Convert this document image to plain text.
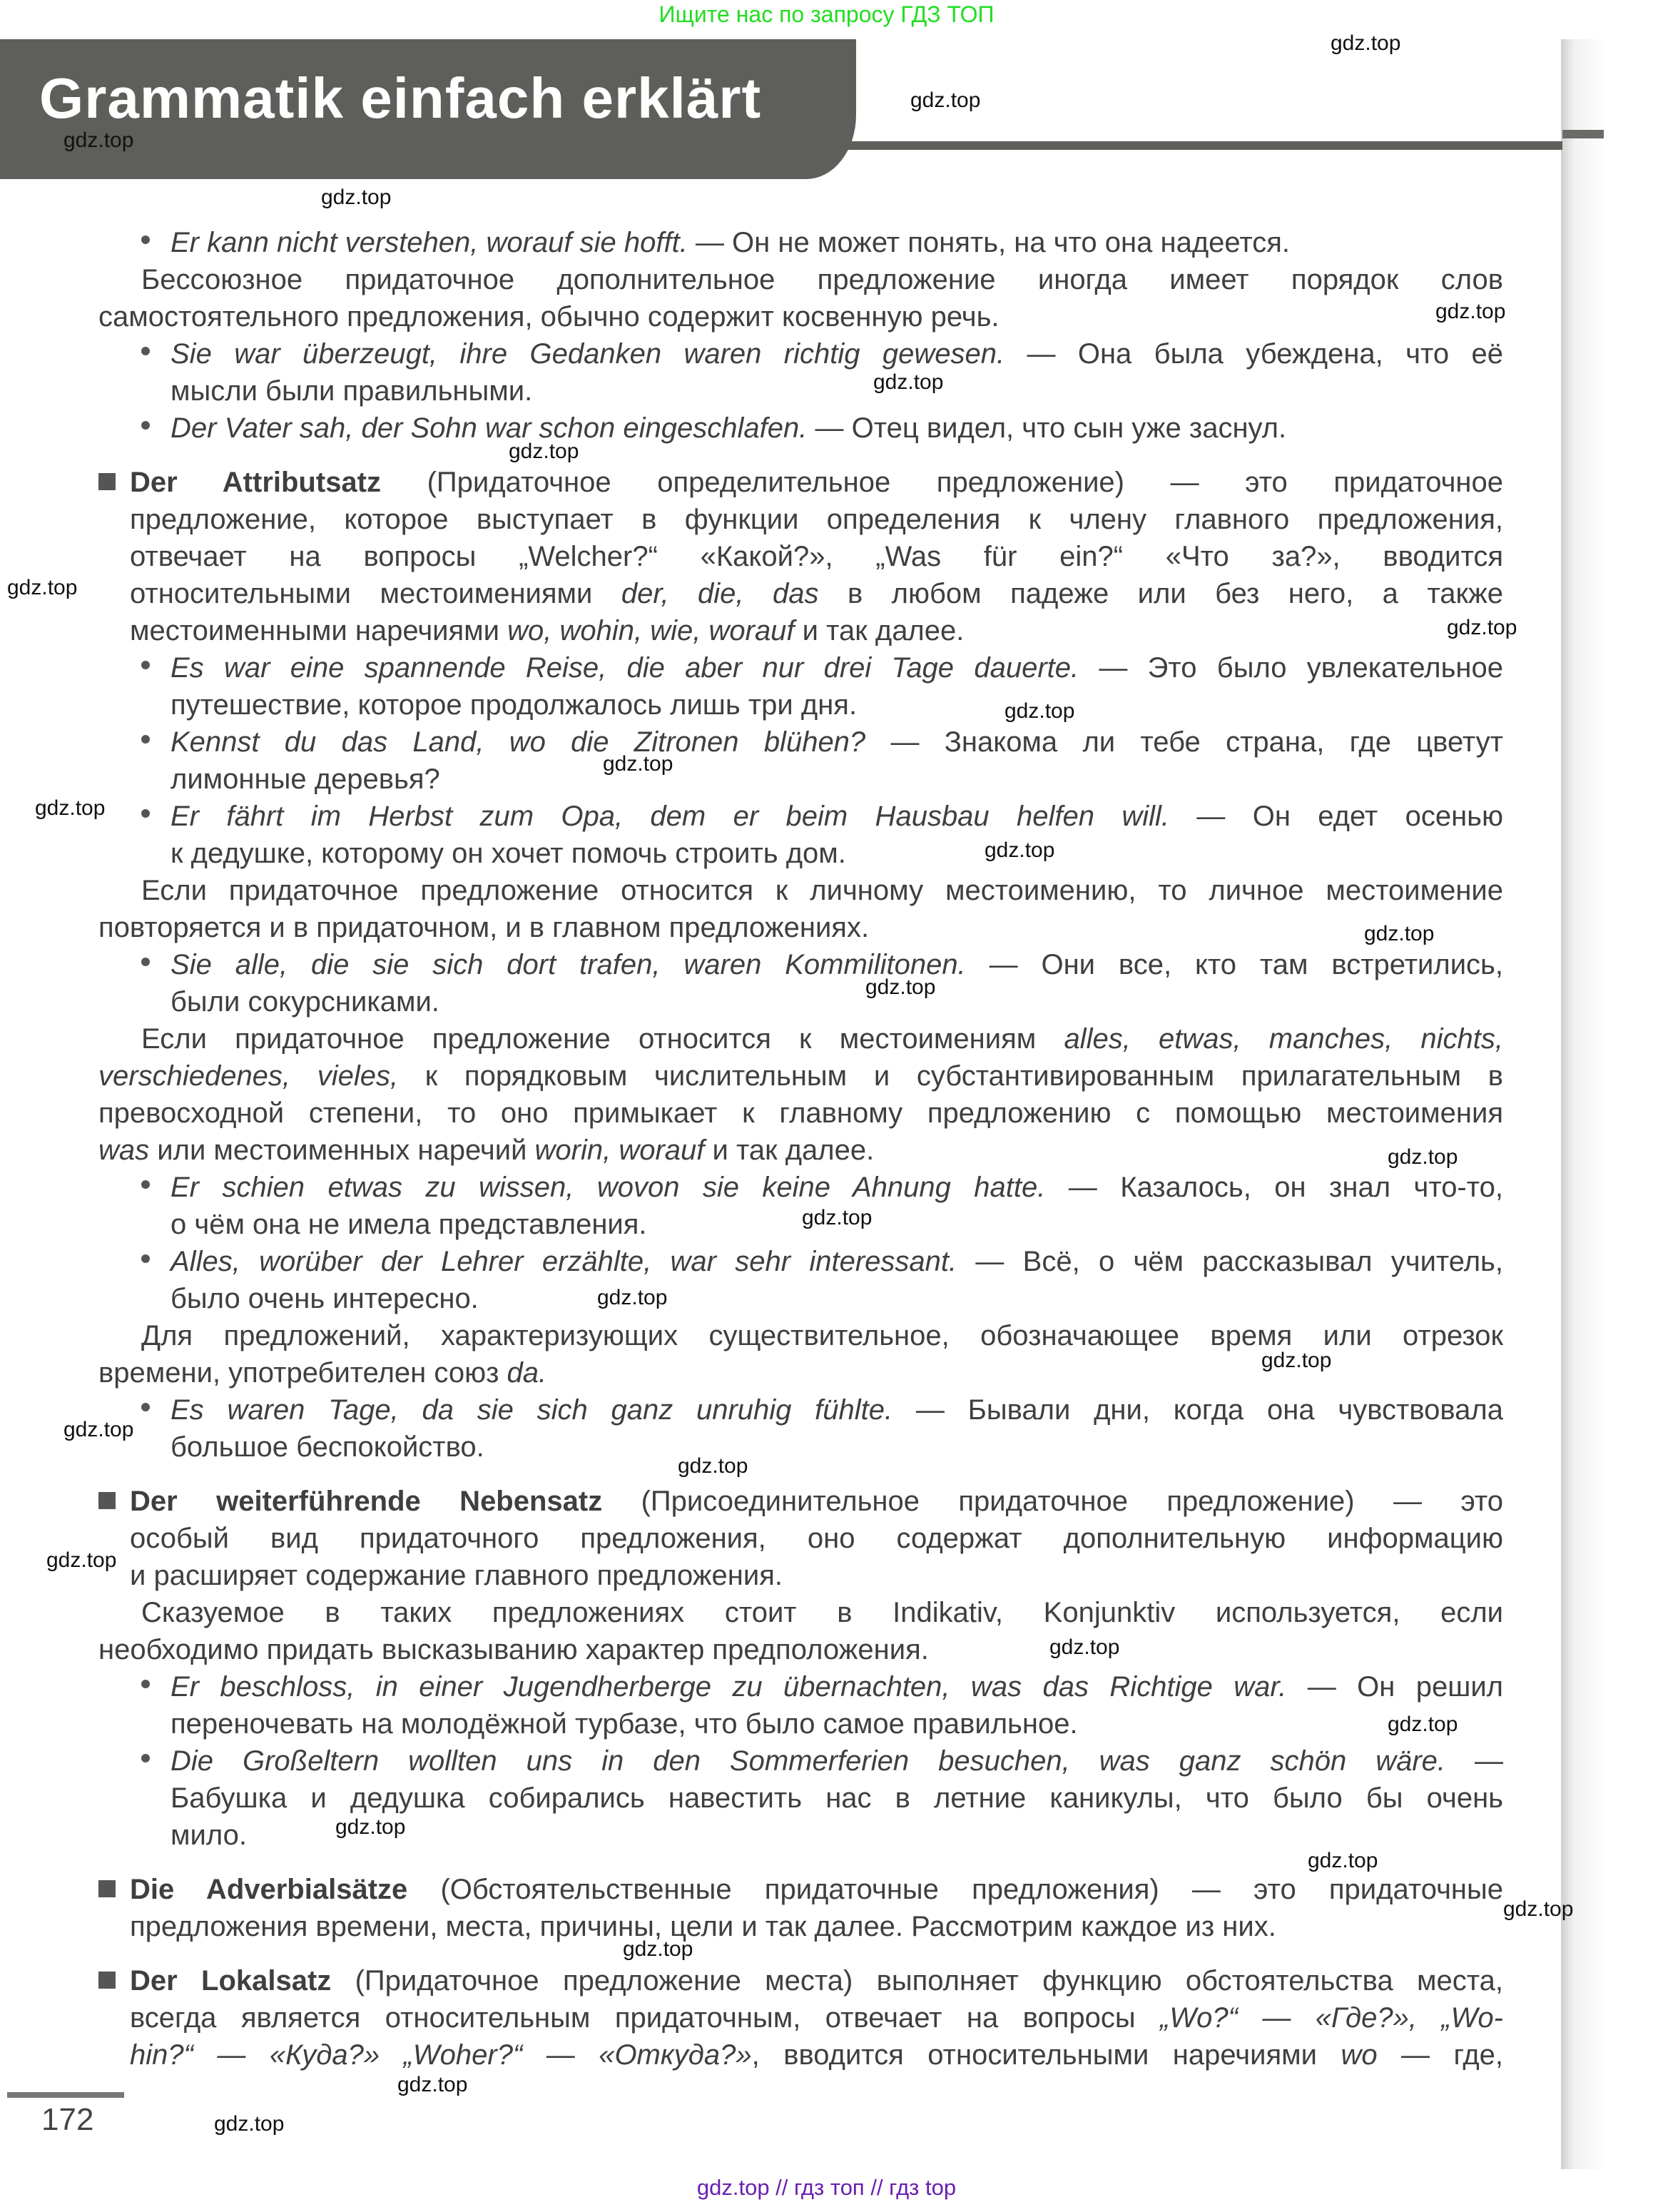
Ищите нас по запросу ГДЗ ТОП
Grammatik einfach erklärt
Er kann nicht verstehen, worauf sie hofft. — Он не может понять, на что она надеется.
Бессоюзное придаточное дополнительное предложение иногда имеет порядок слов
самостоятельного предложения, обычно содержит косвенную речь.
Sie war überzeugt, ihre Gedanken waren richtig gewesen. — Она была убеждена, что её
мысли были правильными.
Der Vater sah, der Sohn war schon eingeschlafen. — Отец видел, что сын уже заснул.
Der Attributsatz (Придаточное определительное предложение) — это придаточное
предложение, которое выступает в функции определения к члену главного предложения,
отвечает на вопросы „Welcher?“ «Какой?», „Was für ein?“ «Что за?», вводится
относительными местоимениями der, die, das в любом падеже или без него, а также
местоименными наречиями wo, wohin, wie, worauf и так далее.
Es war eine spannende Reise, die aber nur drei Tage dauerte. — Это было увлекательное
путешествие, которое продолжалось лишь три дня.
Kennst du das Land, wo die Zitronen blühen? — Знакома ли тебе страна, где цветут
лимонные деревья?
Er fährt im Herbst zum Opa, dem er beim Hausbau helfen will. — Он едет осенью
к дедушке, которому он хочет помочь строить дом.
Если придаточное предложение относится к личному местоимению, то личное местоимение
повторяется и в придаточном, и в главном предложениях.
Sie alle, die sie sich dort trafen, waren Kommilitonen. — Они все, кто там встретились,
были сокурсниками.
Если придаточное предложение относится к местоимениям alles, etwas, manches, nichts,
verschiedenes, vieles, к порядковым числительным и субстантивированным прилагательным в
превосходной степени, то оно примыкает к главному предложению с помощью местоимения
was или местоименных наречий worin, worauf и так далее.
Er schien etwas zu wissen, wovon sie keine Ahnung hatte. — Казалось, он знал что-то,
о чём она не имела представления.
Alles, worüber der Lehrer erzählte, war sehr interessant. — Всё, о чём рассказывал учитель,
было очень интересно.
Для предложений, характеризующих существительное, обозначающее время или отрезок
времени, употребителен союз da.
Es waren Tage, da sie sich ganz unruhig fühlte. — Бывали дни, когда она чувствовала
большое беспокойство.
Der weiterführende Nebensatz (Присоединительное придаточное предложение) — это
особый вид придаточного предложения, оно содержат дополнительную информацию
и расширяет содержание главного предложения.
Сказуемое в таких предложениях стоит в Indikativ, Konjunktiv используется, если
необходимо придать высказыванию характер предположения.
Er beschloss, in einer Jugendherberge zu übernachten, was das Richtige war. — Он решил
переночевать на молодёжной турбазе, что было самое правильное.
Die Großeltern wollten uns in den Sommerferien besuchen, was ganz schön wäre. —
Бабушка и дедушка собирались навестить нас в летние каникулы, что было бы очень
мило.
Die Adverbialsätze (Обстоятельственные придаточные предложения) — это придаточные
предложения времени, места, причины, цели и так далее. Рассмотрим каждое из них.
Der Lokalsatz (Придаточное предложение места) выполняет функцию обстоятельства места,
всегда является относительным придаточным, отвечает на вопросы „Wo?“ — «Где?», „Wo-
hin?“ — «Куда?» „Woher?“ — «Откуда?», вводится относительными наречиями wo — где,
172
gdz.top // гдз топ // гдз top
gdz.top
gdz.top
gdz.top
gdz.top
gdz.top
gdz.top
gdz.top
gdz.top
gdz.top
gdz.top
gdz.top
gdz.top
gdz.top
gdz.top
gdz.top
gdz.top
gdz.top
gdz.top
gdz.top
gdz.top
gdz.top
gdz.top
gdz.top
gdz.top
gdz.top
gdz.top
gdz.top
gdz.top
gdz.top
gdz.top
